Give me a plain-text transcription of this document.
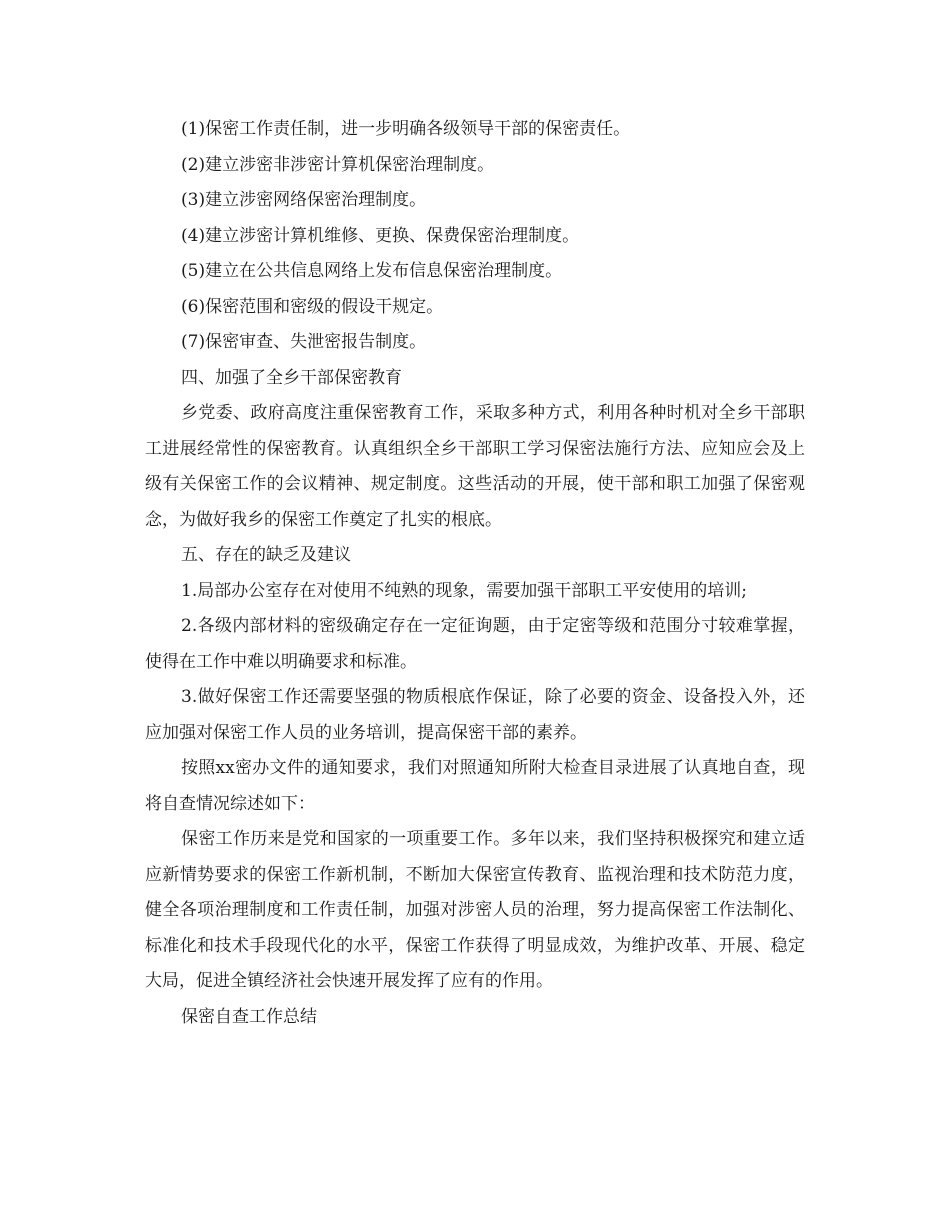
(1)保密工作责任制，进一步明确各级领导干部的保密责任。

(2)建立涉密非涉密计算机保密治理制度。

(3)建立涉密网络保密治理制度。

(4)建立涉密计算机维修、更换、保费保密治理制度。

(5)建立在公共信息网络上发布信息保密治理制度。

(6)保密范围和密级的假设干规定。

(7)保密审查、失泄密报告制度。

四、加强了全乡干部保密教育

乡党委、政府高度注重保密教育工作，采取多种方式，利用各种时机对全乡干部职工进展经常性的保密教育。认真组织全乡干部职工学习保密法施行方法、应知应会及上级有关保密工作的会议精神、规定制度。这些活动的开展，使干部和职工加强了保密观念，为做好我乡的保密工作奠定了扎实的根底。

五、存在的缺乏及建议

1.局部办公室存在对使用不纯熟的现象，需要加强干部职工平安使用的培训;

2.各级内部材料的密级确定存在一定征询题，由于定密等级和范围分寸较难掌握，使得在工作中难以明确要求和标准。

3.做好保密工作还需要坚强的物质根底作保证，除了必要的资金、设备投入外，还应加强对保密工作人员的业务培训，提高保密干部的素养。

按照xx密办文件的通知要求，我们对照通知所附大检查目录进展了认真地自查，现将自查情况综述如下：

保密工作历来是党和国家的一项重要工作。多年以来，我们坚持积极探究和建立适应新情势要求的保密工作新机制，不断加大保密宣传教育、监视治理和技术防范力度，健全各项治理制度和工作责任制，加强对涉密人员的治理，努力提高保密工作法制化、标准化和技术手段现代化的水平，保密工作获得了明显成效，为维护改革、开展、稳定大局，促进全镇经济社会快速开展发挥了应有的作用。

保密自查工作总结
